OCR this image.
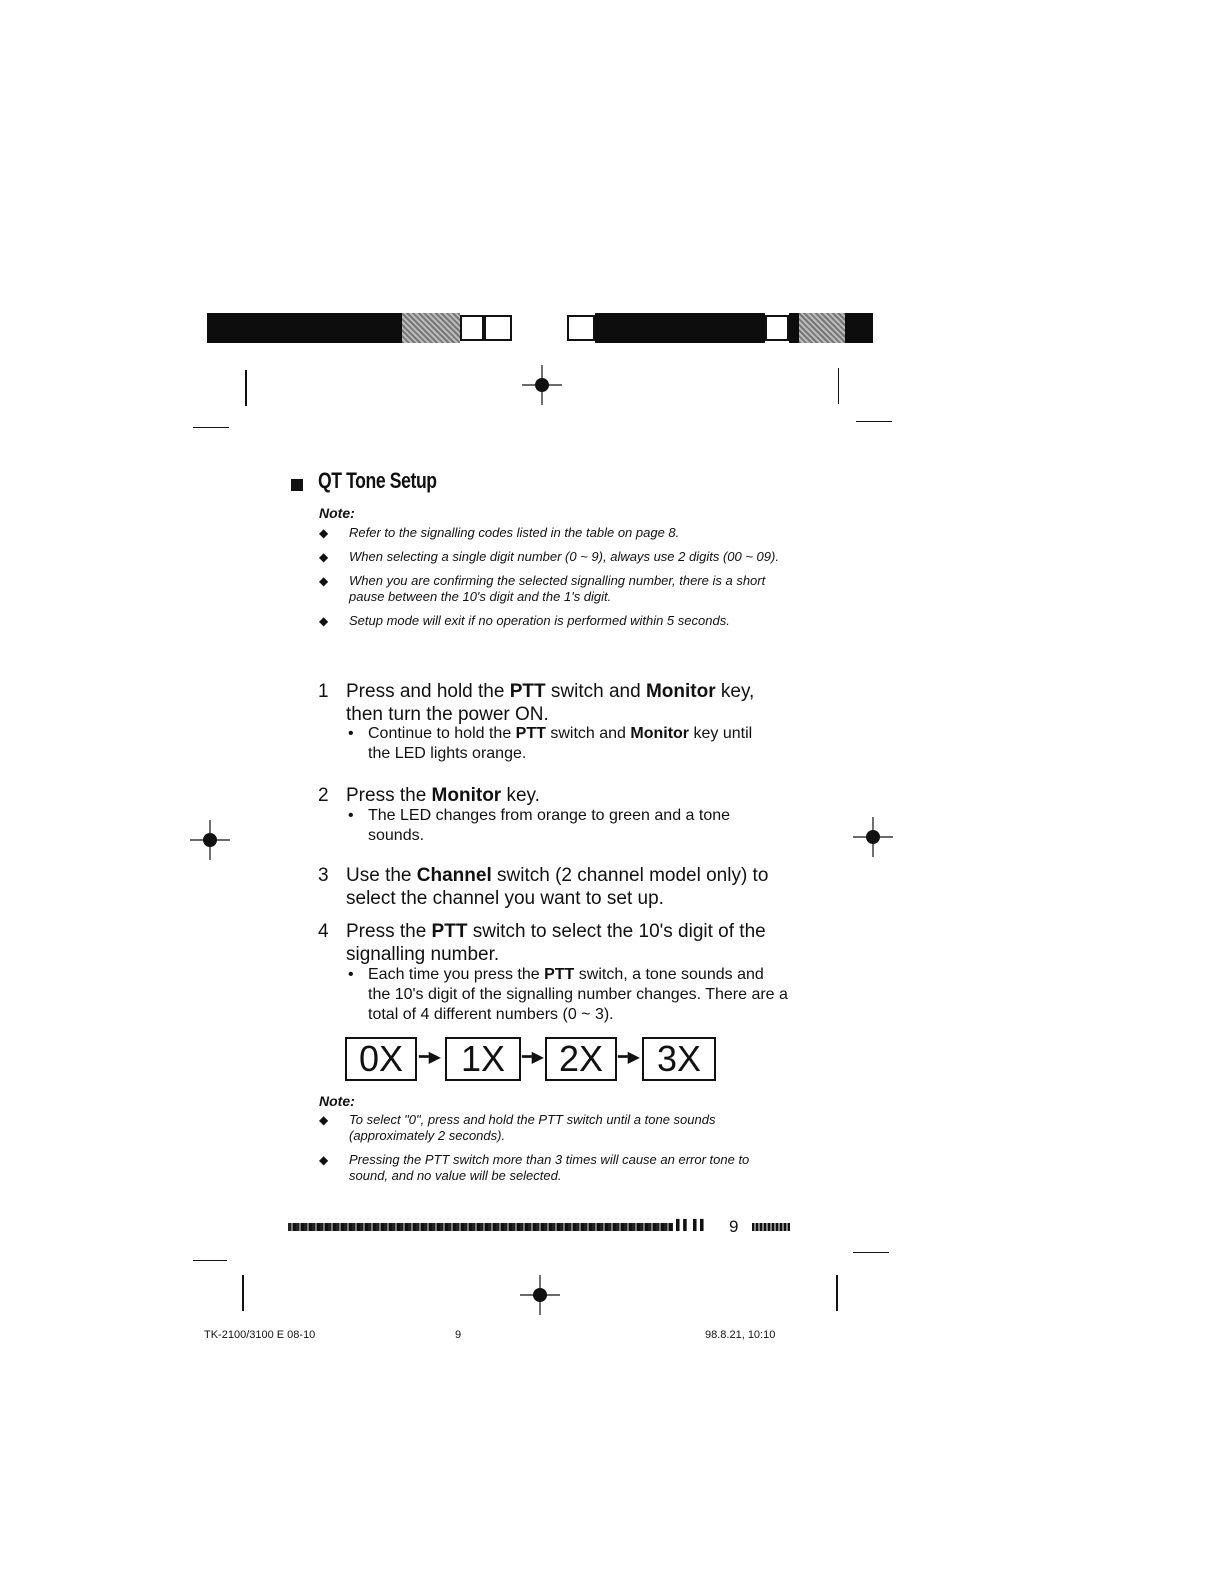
QT Tone Setup
Note:
◆ Refer to the signalling codes listed in the table on page 8.
◆ When selecting a single digit number (0 ~ 9), always use 2 digits (00 ~ 09).
◆ When you are confirming the selected signalling number, there is a short pause between the 10's digit and the 1's digit.
◆ Setup mode will exit if no operation is performed within 5 seconds.
1 Press and hold the PTT switch and Monitor key, then turn the power ON.
• Continue to hold the PTT switch and Monitor key until the LED lights orange.
2 Press the Monitor key.
• The LED changes from orange to green and a tone sounds.
3 Use the Channel switch (2 channel model only) to select the channel you want to set up.
4 Press the PTT switch to select the 10's digit of the signalling number.
• Each time you press the PTT switch, a tone sounds and the 10's digit of the signalling number changes. There are a total of 4 different numbers (0 ~ 3).
0X ━▶ 1X	━▶ 2X ━▶ 3X
Note:
◆ To select "0", press and hold the PTT switch until a tone sounds (approximately 2 seconds).
◆ Pressing the PTT switch more than 3 times will cause an error tone to sound, and no value will be selected.
▌▌ ▌▌ 9
TK-2100/3100 E 08-10	9	98.8.21, 10:10
